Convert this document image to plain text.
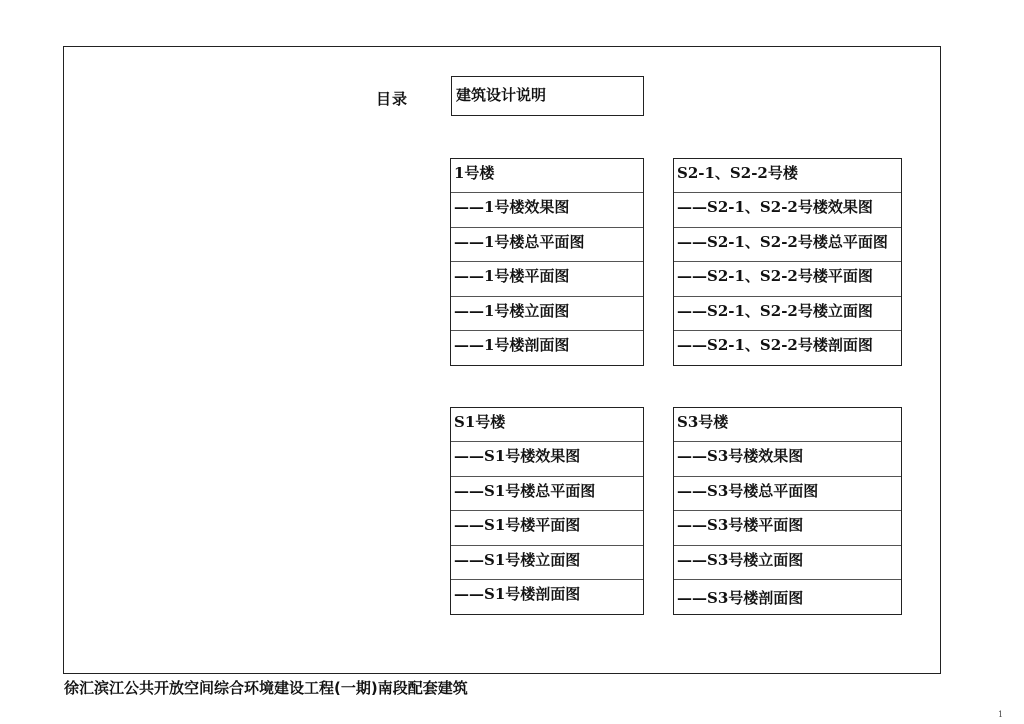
目录	建筑设计说明
1号楼
——1号楼效果图
——1号楼总平面图
——1号楼平面图
——1号楼立面图
——1号楼剖面图
S2-1、S2-2号楼
——S2-1、S2-2号楼效果图
——S2-1、S2-2号楼总平面图
——S2-1、S2-2号楼平面图
——S2-1、S2-2号楼立面图
——S2-1、S2-2号楼剖面图
S1号楼
——S1号楼效果图
——S1号楼总平面图
——S1号楼平面图
——S1号楼立面图
——S1号楼剖面图
S3号楼
——S3号楼效果图
——S3号楼总平面图
——S3号楼平面图
——S3号楼立面图
——S3号楼剖面图
徐汇滨江公共开放空间综合环境建设工程(一期)南段配套建筑
1
